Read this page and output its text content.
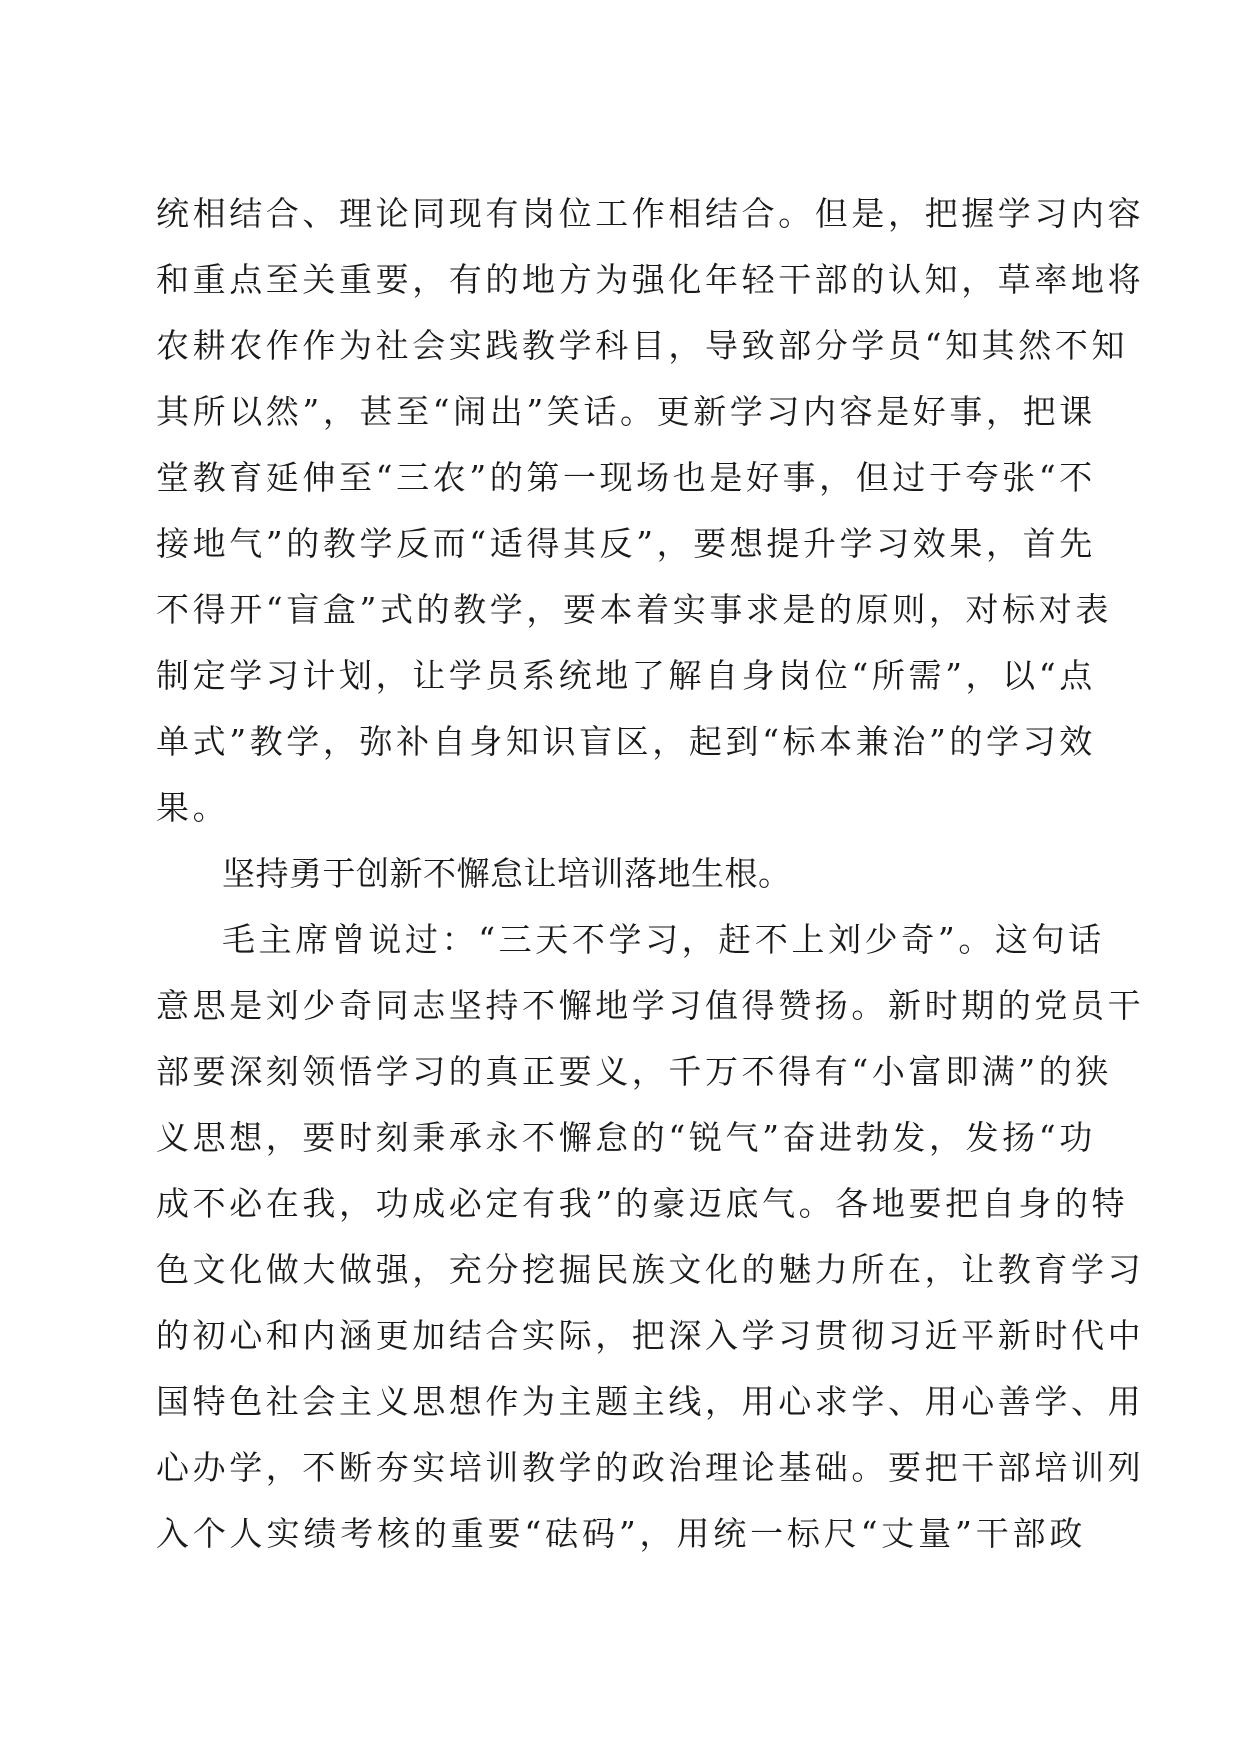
统相结合、理论同现有岗位工作相结合。但是，把握学习内容
和重点至关重要，有的地方为强化年轻干部的认知，草率地将
农耕农作作为社会实践教学科目，导致部分学员“知其然不知
其所以然”，甚至“闹出”笑话。更新学习内容是好事，把课
堂教育延伸至“三农”的第一现场也是好事，但过于夸张“不
接地气”的教学反而“适得其反”，要想提升学习效果，首先
不得开“盲盒”式的教学，要本着实事求是的原则，对标对表
制定学习计划，让学员系统地了解自身岗位“所需”，以“点
单式”教学，弥补自身知识盲区，起到“标本兼治”的学习效
果。
坚持勇于创新不懈怠让培训落地生根。
毛主席曾说过：“三天不学习，赶不上刘少奇”。这句话
意思是刘少奇同志坚持不懈地学习值得赞扬。新时期的党员干
部要深刻领悟学习的真正要义，千万不得有“小富即满”的狭
义思想，要时刻秉承永不懈怠的“锐气”奋进勃发，发扬“功
成不必在我，功成必定有我”的豪迈底气。各地要把自身的特
色文化做大做强，充分挖掘民族文化的魅力所在，让教育学习
的初心和内涵更加结合实际，把深入学习贯彻习近平新时代中
国特色社会主义思想作为主题主线，用心求学、用心善学、用
心办学，不断夯实培训教学的政治理论基础。要把干部培训列
入个人实绩考核的重要“砝码”，用统一标尺“丈量”干部政
